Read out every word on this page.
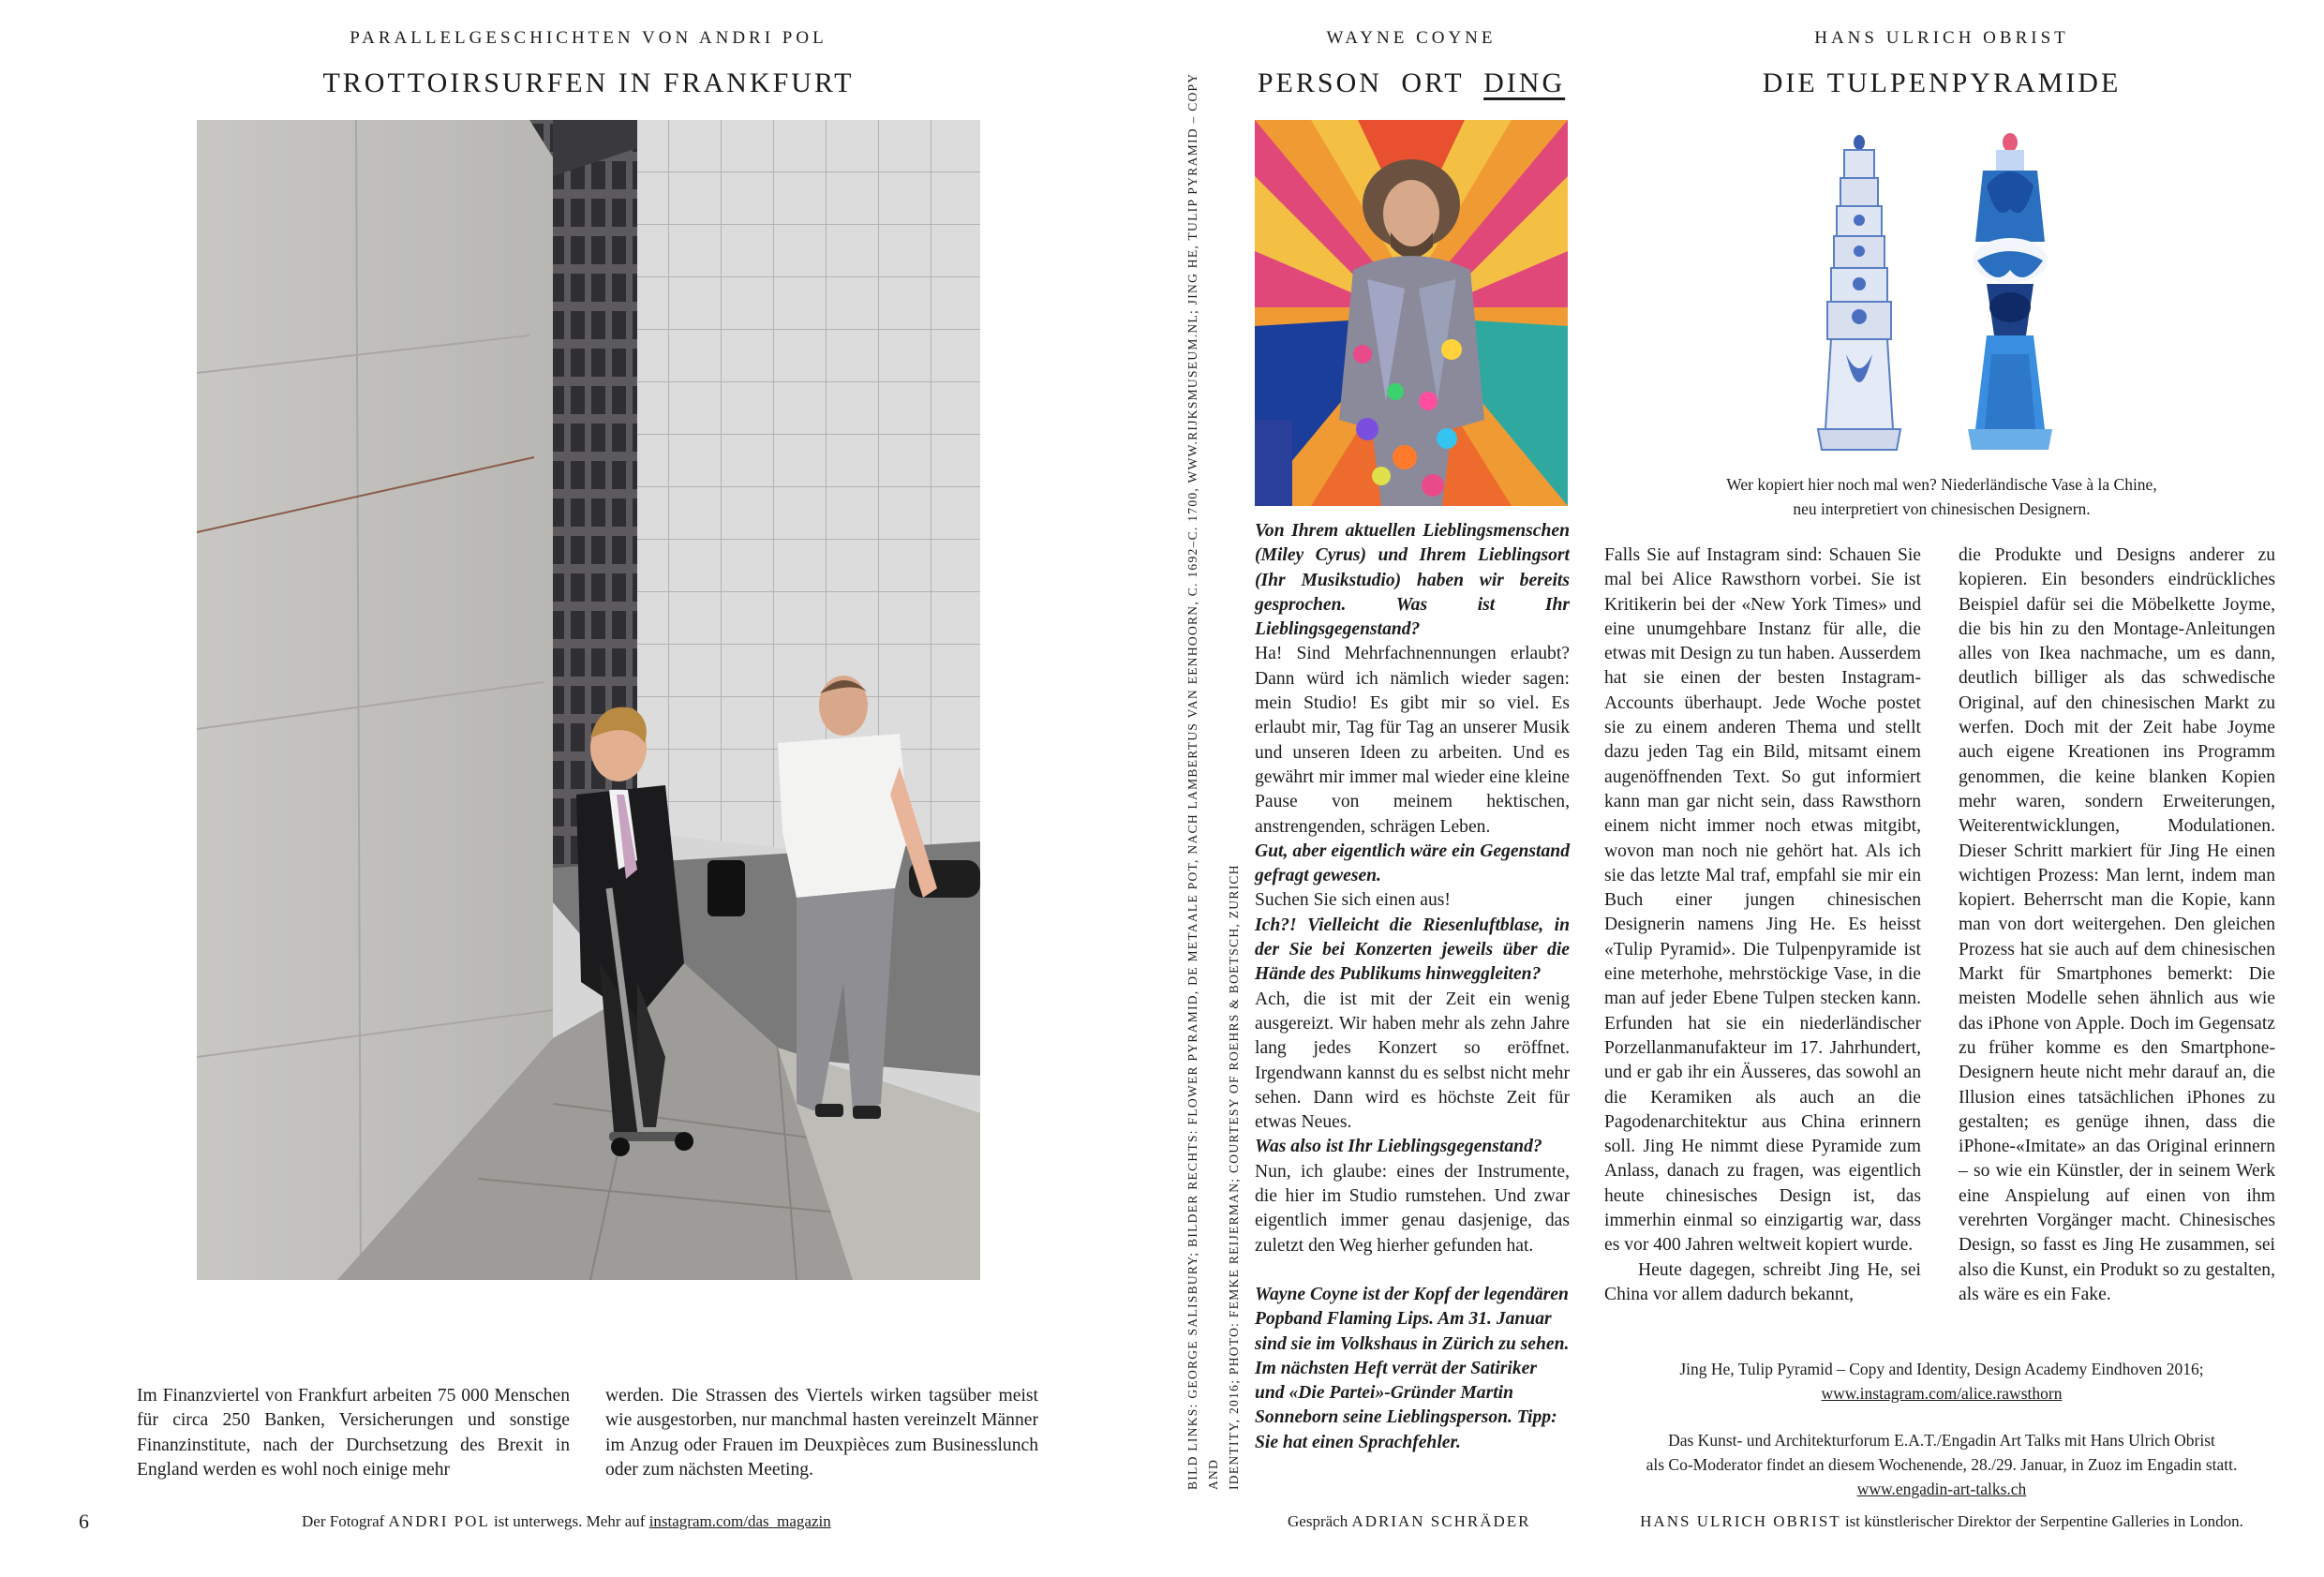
PARALLELGESCHICHTEN VON ANDRI POL
TROTTOIRSURFEN IN FRANKFURT
Im Finanzviertel von Frankfurt arbeiten 75 000 Menschen für circa 250 Banken, Versicherungen und sonstige Finanzinstitute, nach der Durchsetzung des Brexit in England werden es wohl noch einige mehr
werden. Die Strassen des Viertels wirken tagsüber meist wie ausgestorben, nur manchmal hasten vereinzelt Männer im Anzug oder Frauen im Deuxpièces zum Businesslunch oder zum nächsten Meeting.
6	Der Fotograf ANDRI POL ist unterwegs. Mehr auf instagram.com/das_magazin
BILD LINKS: GEORGE SALISBURY; BILDER RECHTS: FLOWER PYRAMID, DE METAALE POT, NACH LAMBERTUS VAN EENHOORN, C. 1692–C. 1700, WWW.RIJKSMUSEUM.NL; JING HE, TULIP PYRAMID – COPY AND IDENTITY, 2016; PHOTO: FEMKE REIJERMAN; COURTESY OF ROEHRS & BOETSCH, ZURICH
WAYNE COYNE
PERSON ORT DING

Von Ihrem aktuellen Lieblingsmenschen (Miley Cyrus) und Ihrem Lieblingsort (Ihr Musikstudio) haben wir bereits gesprochen. Was ist Ihr Lieblingsgegenstand?

Ha! Sind Mehrfachnennungen erlaubt? Dann würd ich nämlich wieder sagen: mein Studio! Es gibt mir so viel. Es erlaubt mir, Tag für Tag an unserer Musik und unseren Ideen zu arbeiten. Und es gewährt mir immer mal wieder eine kleine Pause von meinem hektischen, anstrengenden, schrägen Leben.

Gut, aber eigentlich wäre ein Gegenstand gefragt gewesen.

Suchen Sie sich einen aus!

Ich?! Vielleicht die Riesenluftblase, in der Sie bei Konzerten jeweils über die Hände des Publikums hinweggleiten?

Ach, die ist mit der Zeit ein wenig ausgereizt. Wir haben mehr als zehn Jahre lang jedes Konzert so eröffnet. Irgendwann kannst du es selbst nicht mehr sehen. Dann wird es höchste Zeit für etwas Neues.

Was also ist Ihr Lieblingsgegenstand?

Nun, ich glaube: eines der Instrumente, die hier im Studio rumstehen. Und zwar eigentlich immer genau dasjenige, das zuletzt den Weg hierher gefunden hat.

Wayne Coyne ist der Kopf der legendären Popband Flaming Lips. Am 31. Januar sind sie im Volkshaus in Zürich zu sehen. Im nächsten Heft verrät der Satiriker und «Die Partei»-Gründer Martin Sonneborn seine Lieblingsperson. Tipp: Sie hat einen Sprachfehler.

Gespräch ADRIAN SCHRÄDER
HANS ULRICH OBRIST
DIE TULPENPYRAMIDE
Wer kopiert hier noch mal wen? Niederländische Vase à la Chine,
neu interpretiert von chinesischen Designern.

Falls Sie auf Instagram sind: Schauen Sie mal bei Alice Rawsthorn vorbei. Sie ist Kritikerin bei der «New York Times» und eine unumgehbare Instanz für alle, die etwas mit Design zu tun haben. Ausserdem hat sie einen der besten Instagram-Accounts überhaupt. Jede Woche postet sie zu einem anderen Thema und stellt dazu jeden Tag ein Bild, mitsamt einem augenöffnenden Text. So gut informiert kann man gar nicht sein, dass Rawsthorn einem nicht immer noch etwas mitgibt, wovon man noch nie gehört hat. Als ich sie das letzte Mal traf, empfahl sie mir ein Buch einer jungen chinesischen Designerin namens Jing He. Es heisst «Tulip Pyramid». Die Tulpenpyramide ist eine meterhohe, mehrstöckige Vase, in die man auf jeder Ebene Tulpen stecken kann. Erfunden hat sie ein niederländischer Porzellanmanufakteur im 17. Jahrhundert, und er gab ihr ein Äusseres, das sowohl an die Keramiken als auch an die Pagodenarchitektur aus China erinnern soll. Jing He nimmt diese Pyramide zum Anlass, danach zu fragen, was eigentlich heute chinesisches Design ist, das immerhin einmal so einzigartig war, dass es vor 400 Jahren weltweit kopiert wurde.

Heute dagegen, schreibt Jing He, sei China vor allem dadurch bekannt,

die Produkte und Designs anderer zu kopieren. Ein besonders eindrückliches Beispiel dafür sei die Möbelkette Joyme, die bis hin zu den Montage-Anleitungen alles von Ikea nachmache, um es dann, deutlich billiger als das schwedische Original, auf den chinesischen Markt zu werfen. Doch mit der Zeit habe Joyme auch eigene Kreationen ins Programm genommen, die keine blanken Kopien mehr waren, sondern Erweiterungen, Weiterentwicklungen, Modulationen. Dieser Schritt markiert für Jing He einen wichtigen Prozess: Man lernt, indem man kopiert. Beherrscht man die Kopie, kann man von dort weitergehen. Den gleichen Prozess hat sie auch auf dem chinesischen Markt für Smartphones bemerkt: Die meisten Modelle sehen ähnlich aus wie das iPhone von Apple. Doch im Gegensatz zu früher komme es den Smartphone-Designern heute nicht mehr darauf an, die Illusion eines tatsächlichen iPhones zu gestalten; es genüge ihnen, dass die iPhone-«Imitate» an das Original erinnern – so wie ein Künstler, der in seinem Werk eine Anspielung auf einen von ihm verehrten Vorgänger macht. Chinesisches Design, so fasst es Jing He zusammen, sei also die Kunst, ein Produkt so zu gestalten, als wäre es ein Fake.

Jing He, Tulip Pyramid – Copy and Identity, Design Academy Eindhoven 2016;
www.instagram.com/alice.rawsthorn
Das Kunst- und Architekturforum E.A.T./Engadin Art Talks mit Hans Ulrich Obrist
als Co-Moderator findet an diesem Wochenende, 28./29. Januar, in Zuoz im Engadin statt.
www.engadin-art-talks.ch
HANS ULRICH OBRIST ist künstlerischer Direktor der Serpentine Galleries in London.
